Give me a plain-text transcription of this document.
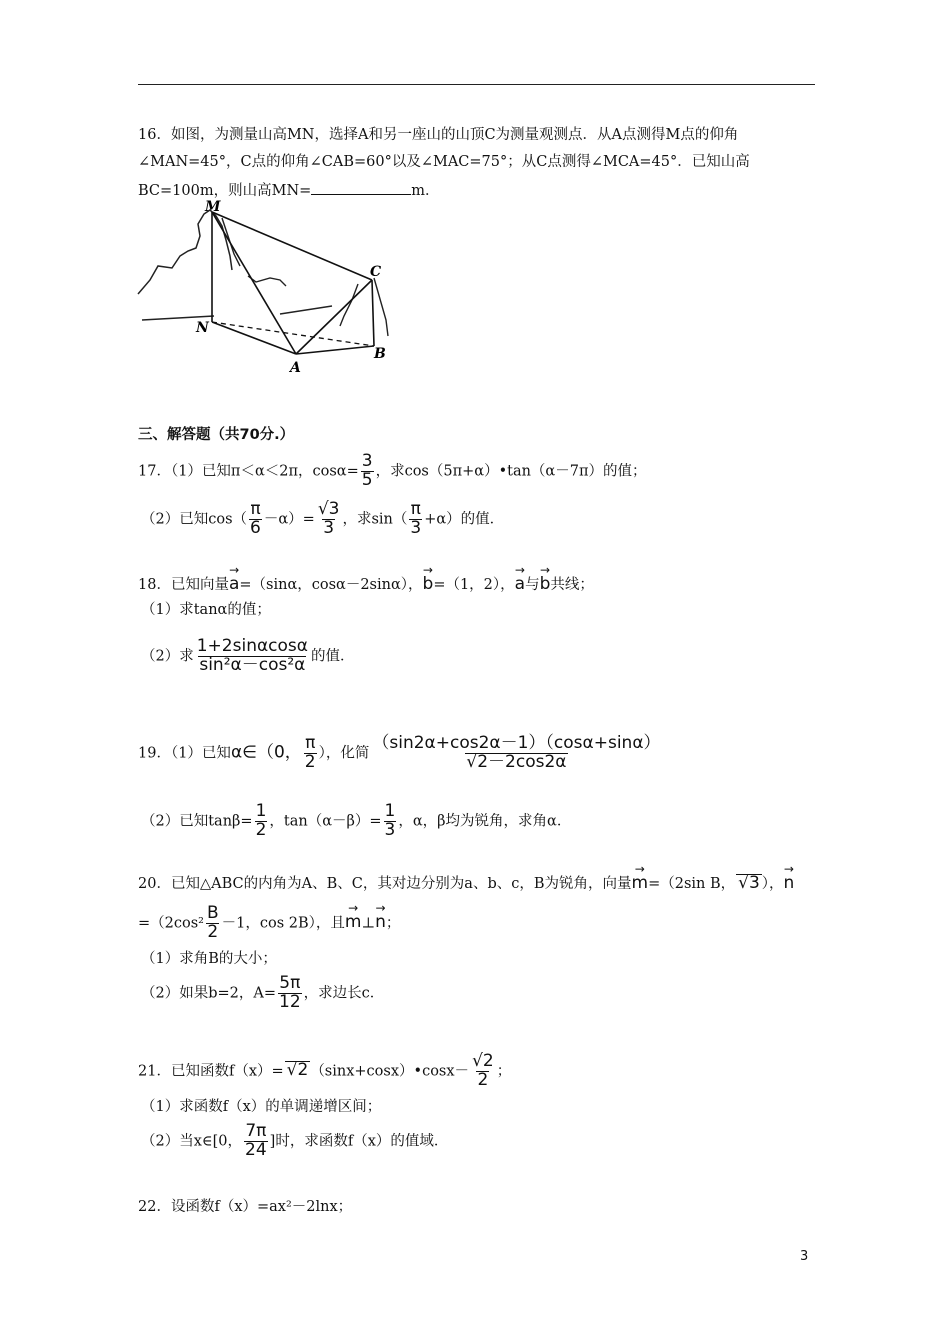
16．如图，为测量山高MN，选择A和另一座山的山顶C为测量观测点．从A点测得M点的仰角
∠MAN=45°，C点的仰角∠CAB=60°以及∠MAC=75°；从C点测得∠MCA=45°．已知山高
BC=100m，则山高MN=	m．
M
C
N
A
B
三、解答题（共70分.）
17．（1）已知π＜α＜2π，$\cos\alpha= \frac{3}{5}$ ，求cos（5π+α）•tan（α－7π）的值；
（2）已知$\cos( \frac{\pi}{6} -\alpha)= \frac{√3}{3}$ ，求$\sin( \frac{\pi}{3} +\alpha)$的值．
18．已知向量→ a=（sinα，cosα－2sinα），→ b=（1，2），→ a与→ b共线；
（1）求tanα的值；
（2）求 $\frac{1+2\sin\alpha\cos\alpha}{\text{sin²α－cos²α}}$ 的值．
19．（1）已知α∈（0， $\frac{\pi}{2}$ ），化简 $\frac{(\sin 2\alpha+\cos 2\alpha-1)(\cos\alpha+\sin\alpha)}{√2-2\cos 2\alpha}$
（2）已知$\tan\beta= \frac{1}{2}$ ，$\tan(\alpha-\beta)= \frac{1}{3}$ ，α，β均为锐角，求角α．
20．已知△ABC的内角为A、B、C，其对边分别为a、b、c，B为锐角，向量→ m=（2sin B， √3 ），→ n
$=(2\cos^2 \frac{B}{2} -1$，cos 2B），且→ m⊥→ n；
（1）求角B的大小；
（2）如果b=2，$A= \frac{5\pi}{12}$ ，求边长c．
21．已知函数f（x）= √2 （sinx+cosx）•cosx－ $\frac{√2}{2}$ ；
（1）求函数f（x）的单调递增区间；
（2）当x∈[0， $\frac{7\pi}{24}$ ]时，求函数f（x）的值域．
22．设函数f（x）=ax²－2lnx；
3
